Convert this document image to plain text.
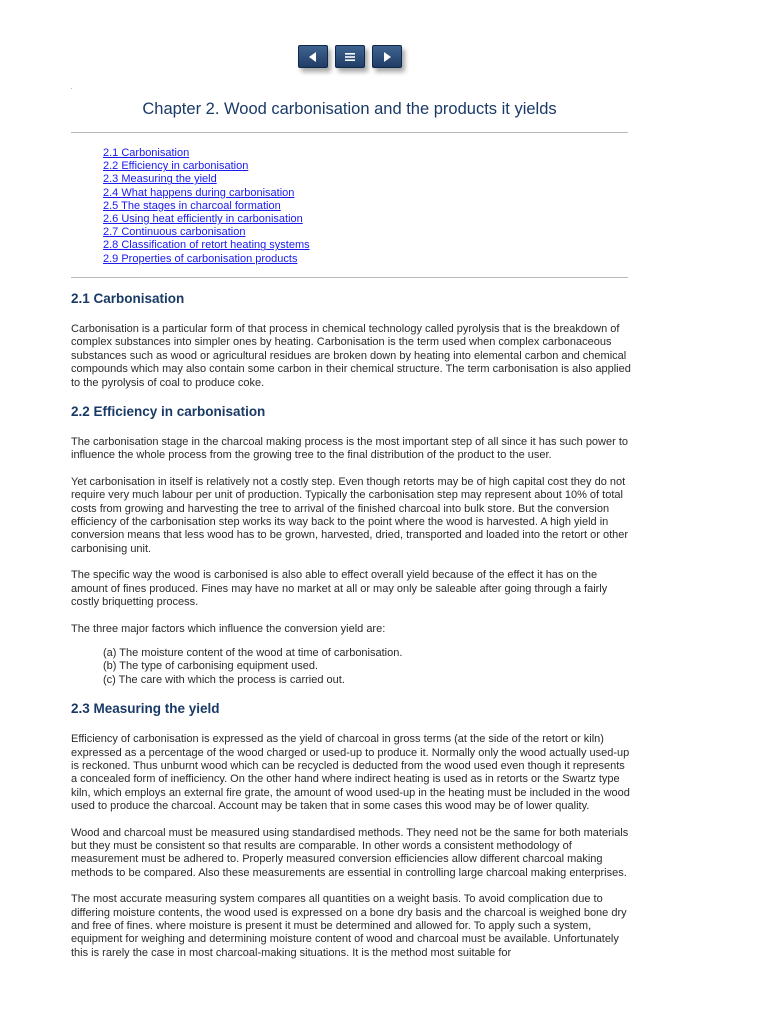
Chapter 2. Wood carbonisation and the products it yields
2.1 Carbonisation
2.2 Efficiency in carbonisation
2.3 Measuring the yield
2.4 What happens during carbonisation
2.5 The stages in charcoal formation
2.6 Using heat efficiently in carbonisation
2.7 Continuous carbonisation
2.8 Classification of retort heating systems
2.9 Properties of carbonisation products
2.1 Carbonisation

Carbonisation is a particular form of that process in chemical technology called pyrolysis that is the breakdown of complex substances into simpler ones by heating. Carbonisation is the term used when complex carbonaceous substances such as wood or agricultural residues are broken down by heating into elemental carbon and chemical compounds which may also contain some carbon in their chemical structure. The term carbonisation is also applied to the pyrolysis of coal to produce coke.

2.2 Efficiency in carbonisation

The carbonisation stage in the charcoal making process is the most important step of all since it has such power to influence the whole process from the growing tree to the final distribution of the product to the user.

Yet carbonisation in itself is relatively not a costly step. Even though retorts may be of high capital cost they do not require very much labour per unit of production. Typically the carbonisation step may represent about 10% of total costs from growing and harvesting the tree to arrival of the finished charcoal into bulk store. But the conversion efficiency of the carbonisation step works its way back to the point where the wood is harvested. A high yield in conversion means that less wood has to be grown, harvested, dried, transported and loaded into the retort or other carbonising unit.

The specific way the wood is carbonised is also able to effect overall yield because of the effect it has on the amount of fines produced. Fines may have no market at all or may only be saleable after going through a fairly costly briquetting process.

The three major factors which influence the conversion yield are:

(a) The moisture content of the wood at time of carbonisation.
(b) The type of carbonising equipment used.
(c) The care with which the process is carried out.
2.3 Measuring the yield

Efficiency of carbonisation is expressed as the yield of charcoal in gross terms (at the side of the retort or kiln) expressed as a percentage of the wood charged or used-up to produce it. Normally only the wood actually used-up is reckoned. Thus unburnt wood which can be recycled is deducted from the wood used even though it represents a concealed form of inefficiency. On the other hand where indirect heating is used as in retorts or the Swartz type kiln, which employs an external fire grate, the amount of wood used-up in the heating must be included in the wood used to produce the charcoal. Account may be taken that in some cases this wood may be of lower quality.

Wood and charcoal must be measured using standardised methods. They need not be the same for both materials but they must be consistent so that results are comparable. In other words a consistent methodology of measurement must be adhered to. Properly measured conversion efficiencies allow different charcoal making methods to be compared. Also these measurements are essential in controlling large charcoal making enterprises.

The most accurate measuring system compares all quantities on a weight basis. To avoid complication due to differing moisture contents, the wood used is expressed on a bone dry basis and the charcoal is weighed bone dry and free of fines. where moisture is present it must be determined and allowed for. To apply such a system, equipment for weighing and determining moisture content of wood and charcoal must be available. Unfortunately this is rarely the case in most charcoal-making situations. It is the method most suitable for
